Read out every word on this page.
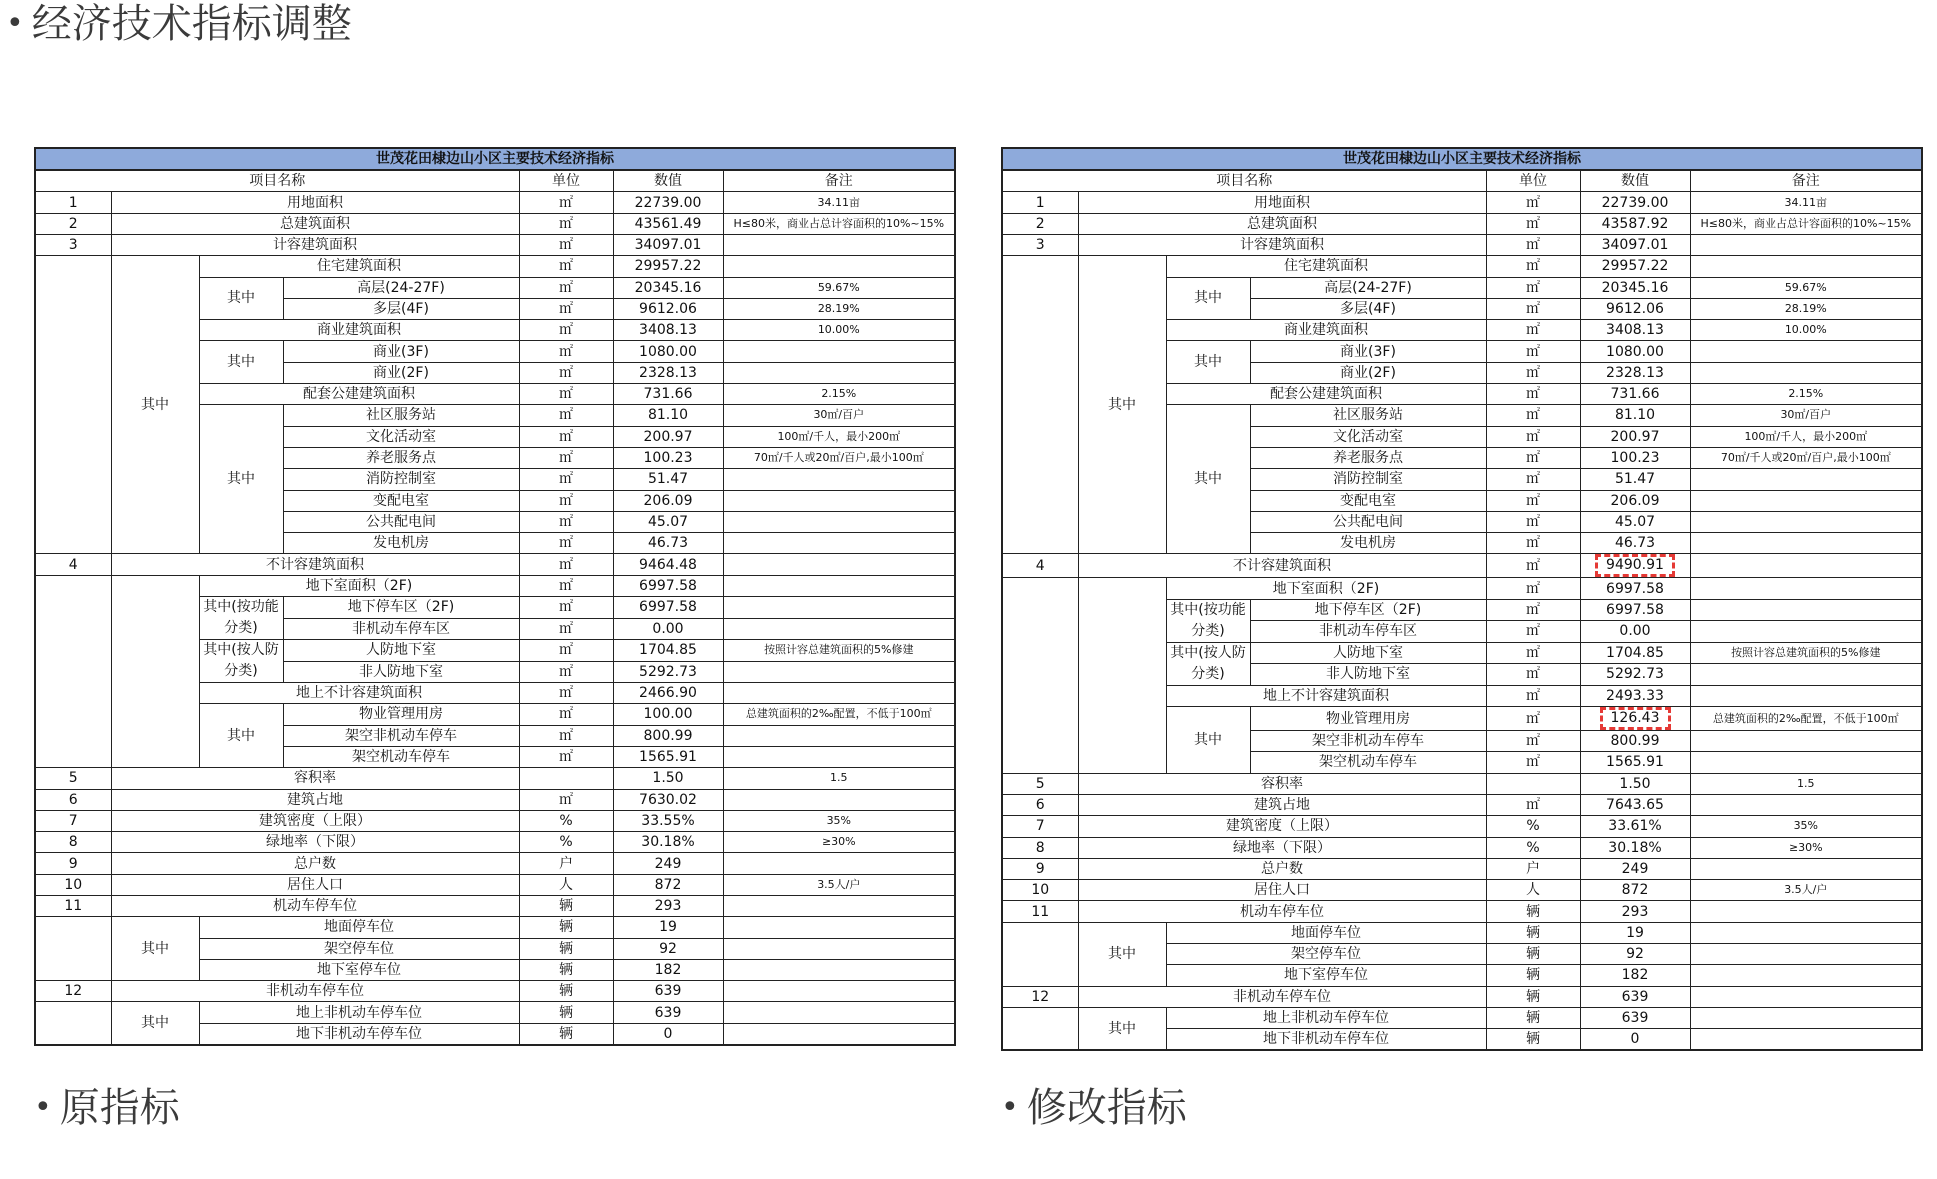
• 经济技术指标调整
世茂花田棣边山小区主要技术经济指标						
项目名称				单位	数值	备注
1	用地面积			㎡	22739.00	34.11亩
2	总建筑面积			㎡	43561.49	H≤80米，商业占总计容面积的10%~15%
3	计容建筑面积			㎡	34097.01	
	其中	住宅建筑面积		㎡	29957.22	
		其中	高层(24-27F)	㎡	20345.16	59.67%
			多层(4F)	㎡	9612.06	28.19%
		商业建筑面积		㎡	3408.13	10.00%
		其中	商业(3F)	㎡	1080.00	
			商业(2F)	㎡	2328.13	
		配套公建建筑面积		㎡	731.66	2.15%
		其中	社区服务站	㎡	81.10	30㎡/百户
			文化活动室	㎡	200.97	100㎡/千人，最小200㎡
			养老服务点	㎡	100.23	70㎡/千人或20㎡/百户,最小100㎡
			消防控制室	㎡	51.47	
			变配电室	㎡	206.09	
			公共配电间	㎡	45.07	
			发电机房	㎡	46.73	
4	不计容建筑面积			㎡	9464.48	
		地下室面积（2F)		㎡	6997.58	
		其中(按功能分类)	地下停车区（2F)	㎡	6997.58	
			非机动车停车区	㎡	0.00	
		其中(按人防分类)	人防地下室	㎡	1704.85	按照计容总建筑面积的5%修建
			非人防地下室	㎡	5292.73	
		地上不计容建筑面积		㎡	2466.90	
		其中	物业管理用房	㎡	100.00	总建筑面积的2‰配置，不低于100㎡
			架空非机动车停车	㎡	800.99	
			架空机动车停车	㎡	1565.91	
5	容积率				1.50	1.5
6	建筑占地			㎡	7630.02	
7	建筑密度（上限）			%	33.55%	35%
8	绿地率（下限）			%	30.18%	≥30%
9	总户数			户	249	
10	居住人口			人	872	3.5人/户
11	机动车停车位			辆	293	
	其中	地面停车位		辆	19	
		架空停车位		辆	92	
		地下室停车位		辆	182	
12	非机动车停车位			辆	639	
	其中	地上非机动车停车位		辆	639	
		地下非机动车停车位		辆	0	
世茂花田棣边山小区主要技术经济指标						
项目名称				单位	数值	备注
1	用地面积			㎡	22739.00	34.11亩
2	总建筑面积			㎡	43587.92	H≤80米，商业占总计容面积的10%~15%
3	计容建筑面积			㎡	34097.01	
	其中	住宅建筑面积		㎡	29957.22	
		其中	高层(24-27F)	㎡	20345.16	59.67%
			多层(4F)	㎡	9612.06	28.19%
		商业建筑面积		㎡	3408.13	10.00%
		其中	商业(3F)	㎡	1080.00	
			商业(2F)	㎡	2328.13	
		配套公建建筑面积		㎡	731.66	2.15%
		其中	社区服务站	㎡	81.10	30㎡/百户
			文化活动室	㎡	200.97	100㎡/千人，最小200㎡
			养老服务点	㎡	100.23	70㎡/千人或20㎡/百户,最小100㎡
			消防控制室	㎡	51.47	
			变配电室	㎡	206.09	
			公共配电间	㎡	45.07	
			发电机房	㎡	46.73	
4	不计容建筑面积			㎡	9490.91	
		地下室面积（2F)		㎡	6997.58	
		其中(按功能分类)	地下停车区（2F)	㎡	6997.58	
			非机动车停车区	㎡	0.00	
		其中(按人防分类)	人防地下室	㎡	1704.85	按照计容总建筑面积的5%修建
			非人防地下室	㎡	5292.73	
		地上不计容建筑面积		㎡	2493.33	
		其中	物业管理用房	㎡	126.43	总建筑面积的2‰配置，不低于100㎡
			架空非机动车停车	㎡	800.99	
			架空机动车停车	㎡	1565.91	
5	容积率				1.50	1.5
6	建筑占地			㎡	7643.65	
7	建筑密度（上限）			%	33.61%	35%
8	绿地率（下限）			%	30.18%	≥30%
9	总户数			户	249	
10	居住人口			人	872	3.5人/户
11	机动车停车位			辆	293	
	其中	地面停车位		辆	19	
		架空停车位		辆	92	
		地下室停车位		辆	182	
12	非机动车停车位			辆	639	
	其中	地上非机动车停车位		辆	639	
		地下非机动车停车位		辆	0	
• 原指标	• 修改指标
